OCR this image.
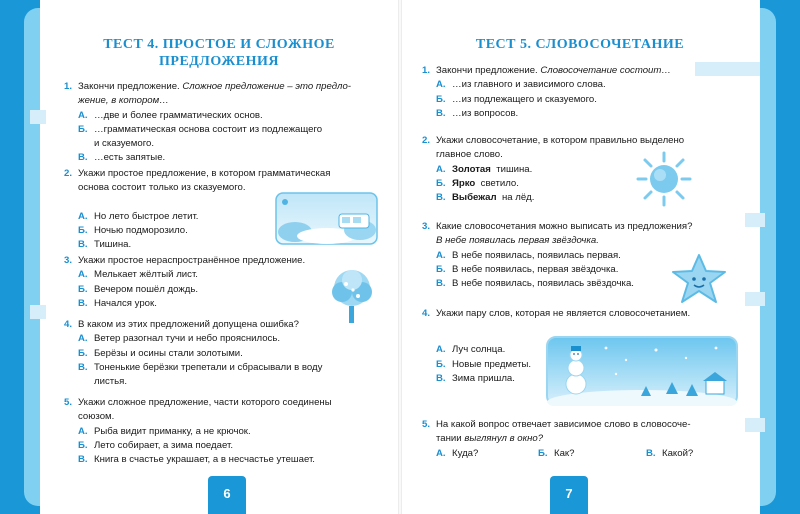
ТЕСТ 4. ПРОСТОЕ И СЛОЖНОЕ
ПРЕДЛОЖЕНИЯ
1. Закончи предложение. Сложное предложение – это предло-
жение, в котором…
А. …две и более грамматических основ.
Б. …грамматическая основа состоит из подлежащего
и сказуемого.
В. …есть запятые.
2. Укажи простое предложение, в котором грамматическая
основа состоит только из сказуемого.
А. Но лето быстрое летит.
Б. Ночью подморозило.
В. Тишина.
3. Укажи простое нераспространённое предложение.
А. Мелькает жёлтый лист.
Б. Вечером пошёл дождь.
В. Начался урок.
4. В каком из этих предложений допущена ошибка?
А. Ветер разогнал тучи и небо прояснилось.
Б. Берёзы и осины стали золотыми.
В. Тоненькие берёзки трепетали и сбрасывали в воду
листья.
5. Укажи сложное предложение, части которого соединены
союзом.
А. Рыба видит приманку, а не крючок.
Б. Лето собирает, а зима поедает.
В. Книга в счастье украшает, а в несчастье утешает.
6
ТЕСТ 5. СЛОВОСОЧЕТАНИЕ
1. Закончи предложение. Словосочетание состоит…
А. …из главного и зависимого слова.
Б. …из подлежащего и сказуемого.
В. …из вопросов.
2. Укажи словосочетание, в котором правильно выделено
главное слово.
А. Золотая тишина.
Б. Ярко светило.
В. Выбежал на лёд.
3. Какие словосочетания можно выписать из предложения?
В небе появилась первая звёздочка.
А. В небе появилась, появилась первая.
Б. В небе появилась, первая звёздочка.
В. В небе появилась, появилась звёздочка.
4. Укажи пару слов, которая не является словосочетанием.
А. Луч солнца.
Б. Новые предметы.
В. Зима пришла.
5. На какой вопрос отвечает зависимое слово в словосоче-
тании выглянул в окно?
А. Куда?	Б. Как?	В. Какой?
7
